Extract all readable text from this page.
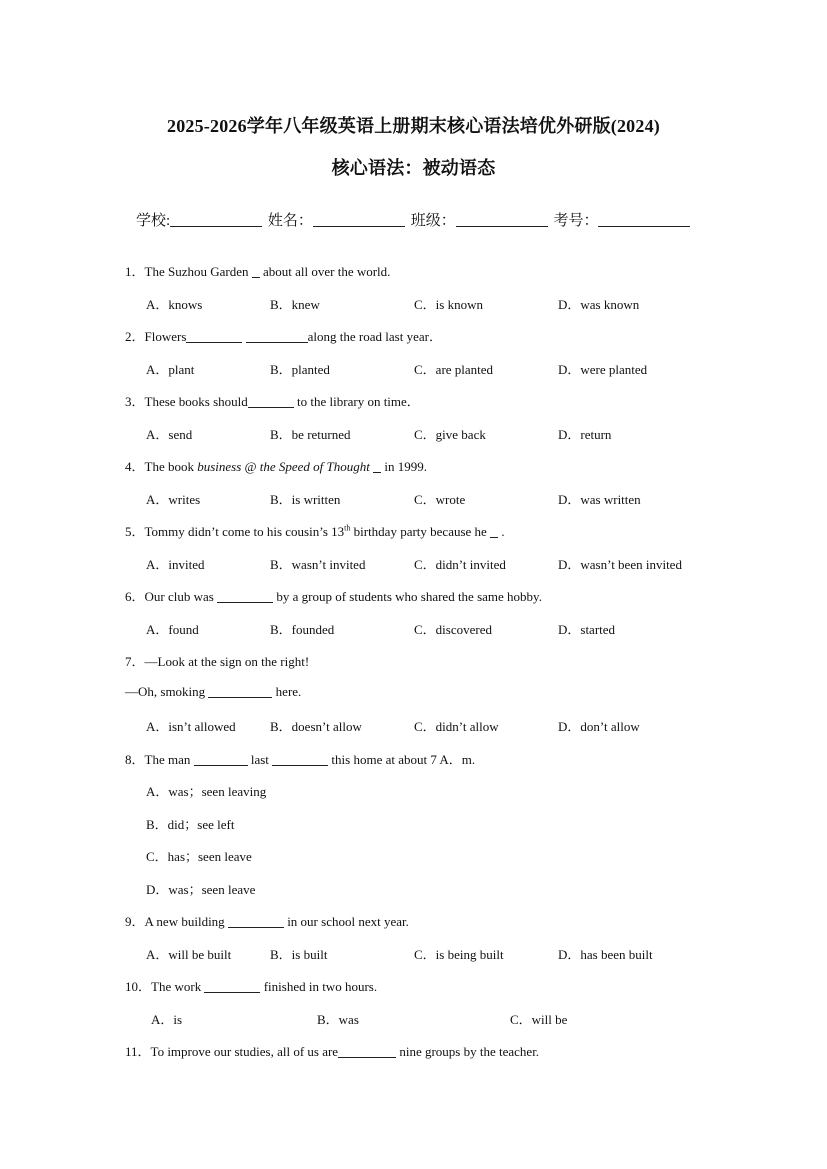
2025-2026学年八年级英语上册期末核心语法培优外研版(2024)
核心语法：被动语态
学校:	姓名：	班级：	考号：
1．The Suzhou Garden about all over the world.
A．knows	B．knew	C．is known	D．was known
2．Flowers	along the road last year．
A．plant	B．planted	C．are planted	D．were planted
3．These books should	to the library on time．
A．send	B．be returned	C．give back	D．return
4．The book business @ the Speed of Thought in 1999.
A．writes	B．is written	C．wrote	D．was written
5．Tommy didn’t come to his cousin’s 13th birthday party because he .
A．invited	B．wasn’t invited	C．didn’t invited	D．wasn’t been invited
6．Our club was	by a group of students who shared the same hobby.
A．found	B．founded	C．discovered	D．started
7．—Look at the sign on the right!
—Oh, smoking	here.
A．isn’t allowed	B．doesn’t allow	C．didn’t allow	D．don’t allow
8．The man	last	this home at about 7 A．m.
A．was；seen leaving
B．did；see left
C．has；seen leave
D．was；seen leave
9．A new building	in our school next year.
A．will be built	B．is built	C．is being built	D．has been built
10．The work	finished in two hours.
A．is	B．was	C．will be
11．To improve our studies, all of us are	nine groups by the teacher.
